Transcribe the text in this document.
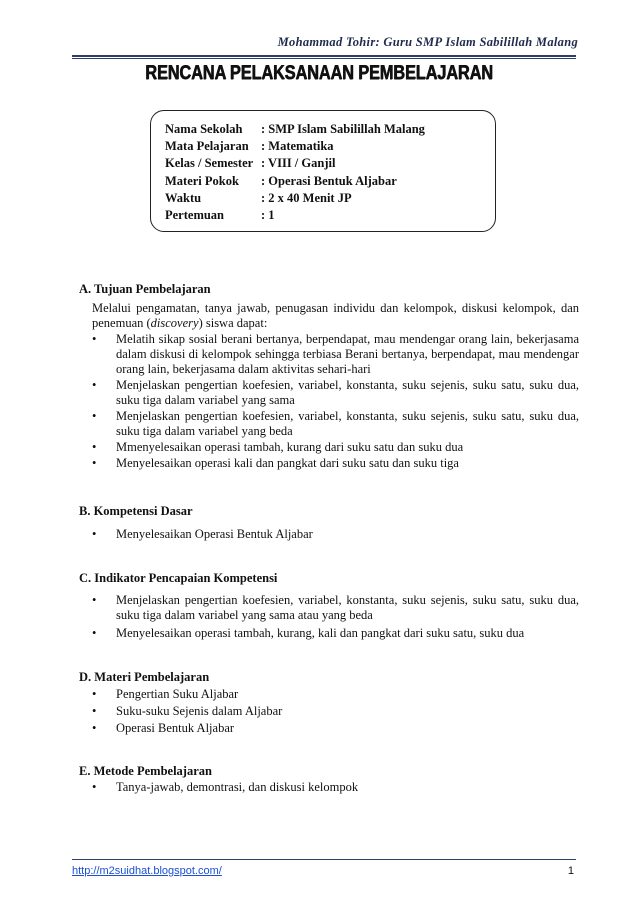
Mohammad Tohir: Guru SMP Islam Sabilillah Malang
RENCANA PELAKSANAAN PEMBELAJARAN
Nama Sekolah	: SMP Islam Sabilillah Malang
Mata Pelajaran	: Matematika
Kelas / Semester	: VIII / Ganjil
Materi Pokok	: Operasi Bentuk Aljabar
Waktu	: 2 x 40 Menit JP
Pertemuan	: 1
A. Tujuan Pembelajaran
Melalui pengamatan, tanya jawab, penugasan individu dan kelompok, diskusi kelompok, dan penemuan (discovery) siswa dapat:
• Melatih sikap sosial berani bertanya, berpendapat, mau mendengar orang lain, bekerjasama dalam diskusi di kelompok sehingga terbiasa Berani bertanya, berpendapat, mau mendengar orang lain, bekerjasama dalam aktivitas sehari-hari
• Menjelaskan pengertian koefesien, variabel, konstanta, suku sejenis, suku satu, suku dua, suku tiga dalam variabel yang sama
• Menjelaskan pengertian koefesien, variabel, konstanta, suku sejenis, suku satu, suku dua, suku tiga dalam variabel yang beda
• Mmenyelesaikan operasi tambah, kurang dari suku satu dan suku dua
• Menyelesaikan operasi kali dan pangkat dari suku satu dan suku tiga
B. Kompetensi Dasar
• Menyelesaikan Operasi Bentuk Aljabar
C. Indikator Pencapaian Kompetensi
• Menjelaskan pengertian koefesien, variabel, konstanta, suku sejenis, suku satu, suku dua, suku tiga dalam variabel yang sama atau yang beda
• Menyelesaikan operasi tambah, kurang, kali dan pangkat dari suku satu, suku dua
D. Materi Pembelajaran
• Pengertian Suku Aljabar
• Suku-suku Sejenis dalam Aljabar
• Operasi Bentuk Aljabar
E. Metode Pembelajaran
• Tanya-jawab, demontrasi, dan diskusi kelompok
http://m2suidhat.blogspot.com/	1
